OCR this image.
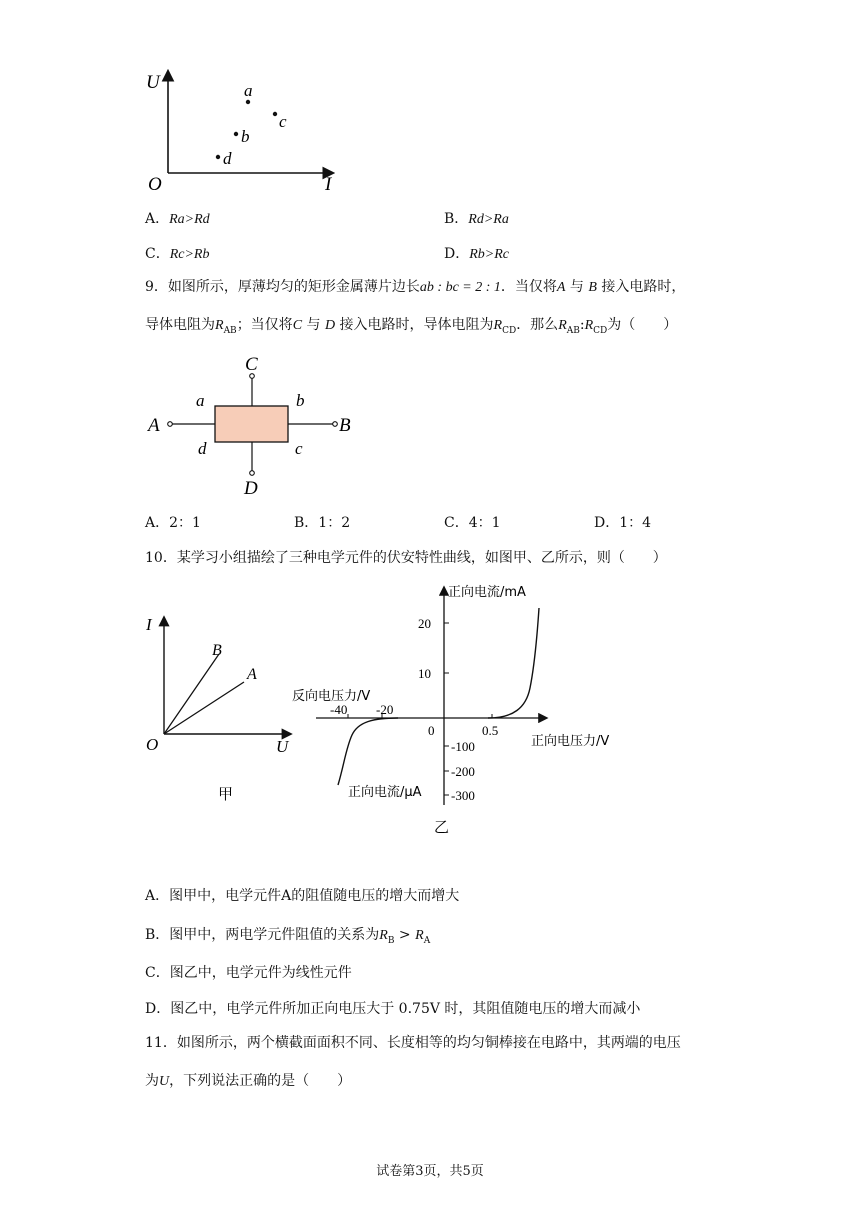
U
I
O
a
b
c
d
A．Ra>Rd	B．Rd>Ra
C．Rc>Rb	D．Rb>Rc
9．如图所示，厚薄均匀的矩形金属薄片边长ab : bc = 2 : 1．当仅将A 与 B 接入电路时，
导体电阻为$R_{AB}$；当仅将C 与 D 接入电路时，导体电阻为$R_{CD}$．那么$R_{AB}:R_{CD}$为（　　）
A	B
C
D
a	b
c
d
A．2：1	B．1：2	C．4：1	D．1：4
10．某学习小组描绘了三种电学元件的伏安特性曲线，如图甲、乙所示，则（　　）
I
U
O
B
A
甲
正向电流/mA
20
10
反向电压力/V
-40 -20
0	0.5
正向电压力/V
-100
-200
-300
正向电流/μA
乙
A．图甲中，电学元件A的阻值随电压的增大而增大
B．图甲中，两电学元件阻值的关系为$R_B > R_A$
C．图乙中，电学元件为线性元件
D．图乙中，电学元件所加正向电压大于 0.75V 时，其阻值随电压的增大而减小
11．如图所示，两个横截面面积不同、长度相等的均匀铜棒接在电路中，其两端的电压
为U，下列说法正确的是（　　）
试卷第3页，共5页
